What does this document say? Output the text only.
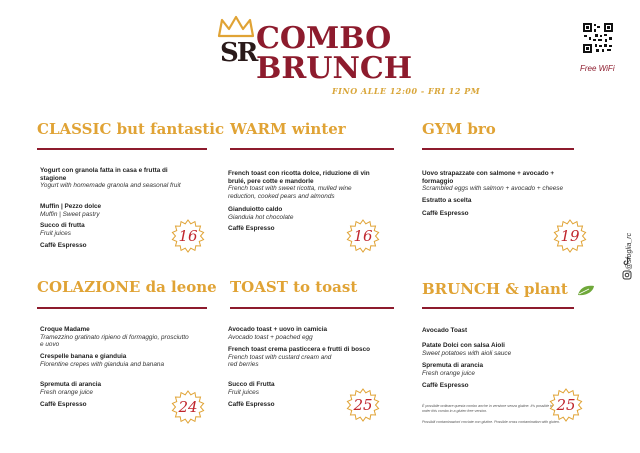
SR COMBO
BRUNCH
FINO ALLE 12:00 - FRI 12 PM
Free WiFi
CLASSIC but fantastic
Yogurt con granola fatta in casa e frutta di stagione
Yogurt with homemade granola and seasonal fruit
Muffin | Pezzo dolce
Muffin | Sweet pastry
Succo di frutta
Fruit juices
Caffè Espresso
16
WARM winter
French toast con ricotta dolce, riduzione di vin brulé, pere cotte e mandorle
French toast with sweet ricotta, mulled wine reduction, cooked pears and almonds
Gianduiotto caldo
Gianduia hot chocolate
Caffè Espresso	16
GYM bro
Uovo strapazzate con salmone + avocado + formaggio
Scrambled eggs with salmon + avocado + cheese
Estratto a scelta
Caffè Espresso
19
COLAZIONE da leone
Croque Madame
Tramezzino gratinato ripieno di formaggio, prosciutto e uovo
Crespelle banana e gianduia
Florentine crepes with gianduia and banana
Spremuta di arancia
Fresh orange juice
Caffè Espresso	24
TOAST to toast
Avocado toast + uovo in camicia
Avocado toast + poached egg
French toast crema pasticcera e frutti di bosco
French toast with custard cream and red berries
Succo di Frutta
Fruit juices
Caffè Espresso	25
BRUNCH & plant
Avocado Toast
Patate Dolci con salsa Aioli
Sweet potatoes with aioli sauce
Spremuta di arancia
Fresh orange juice
Caffè Espresso
È possibile ordinare questa combo anche in versione senza glutine. It's possible to order this combo in a gluten free version.
Possibili contaminazioni crociate con glutine. Possible cross contamination with gluten.
25
@sfoglia_rc
